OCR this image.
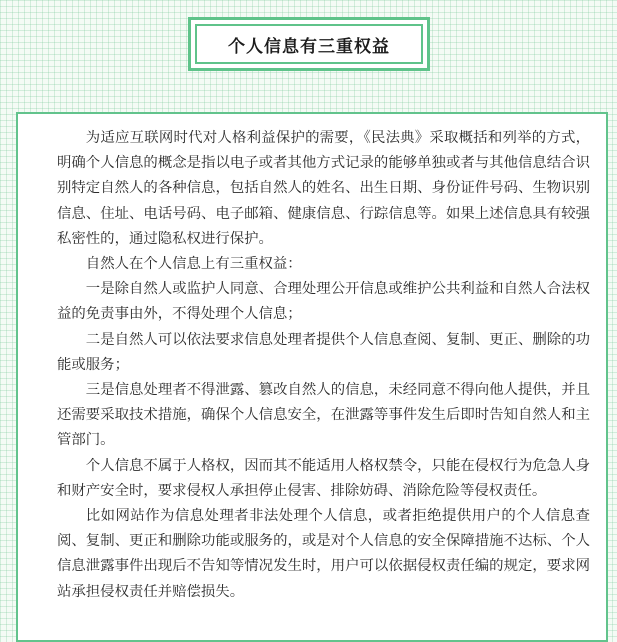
个人信息有三重权益

为适应互联网时代对人格利益保护的需要，《民法典》采取概括和列举的方式，明确个人信息的概念是指以电子或者其他方式记录的能够单独或者与其他信息结合识别特定自然人的各种信息，包括自然人的姓名、出生日期、身份证件号码、生物识别信息、住址、电话号码、电子邮箱、健康信息、行踪信息等。如果上述信息具有较强私密性的，通过隐私权进行保护。

自然人在个人信息上有三重权益：

一是除自然人或监护人同意、合理处理公开信息或维护公共利益和自然人合法权益的免责事由外，不得处理个人信息；

二是自然人可以依法要求信息处理者提供个人信息查阅、复制、更正、删除的功能或服务；

三是信息处理者不得泄露、篡改自然人的信息，未经同意不得向他人提供，并且还需要采取技术措施，确保个人信息安全，在泄露等事件发生后即时告知自然人和主管部门。

个人信息不属于人格权，因而其不能适用人格权禁令，只能在侵权行为危急人身和财产安全时，要求侵权人承担停止侵害、排除妨碍、消除危险等侵权责任。

比如网站作为信息处理者非法处理个人信息，或者拒绝提供用户的个人信息查阅、复制、更正和删除功能或服务的，或是对个人信息的安全保障措施不达标、个人信息泄露事件出现后不告知等情况发生时，用户可以依据侵权责任编的规定，要求网站承担侵权责任并赔偿损失。
